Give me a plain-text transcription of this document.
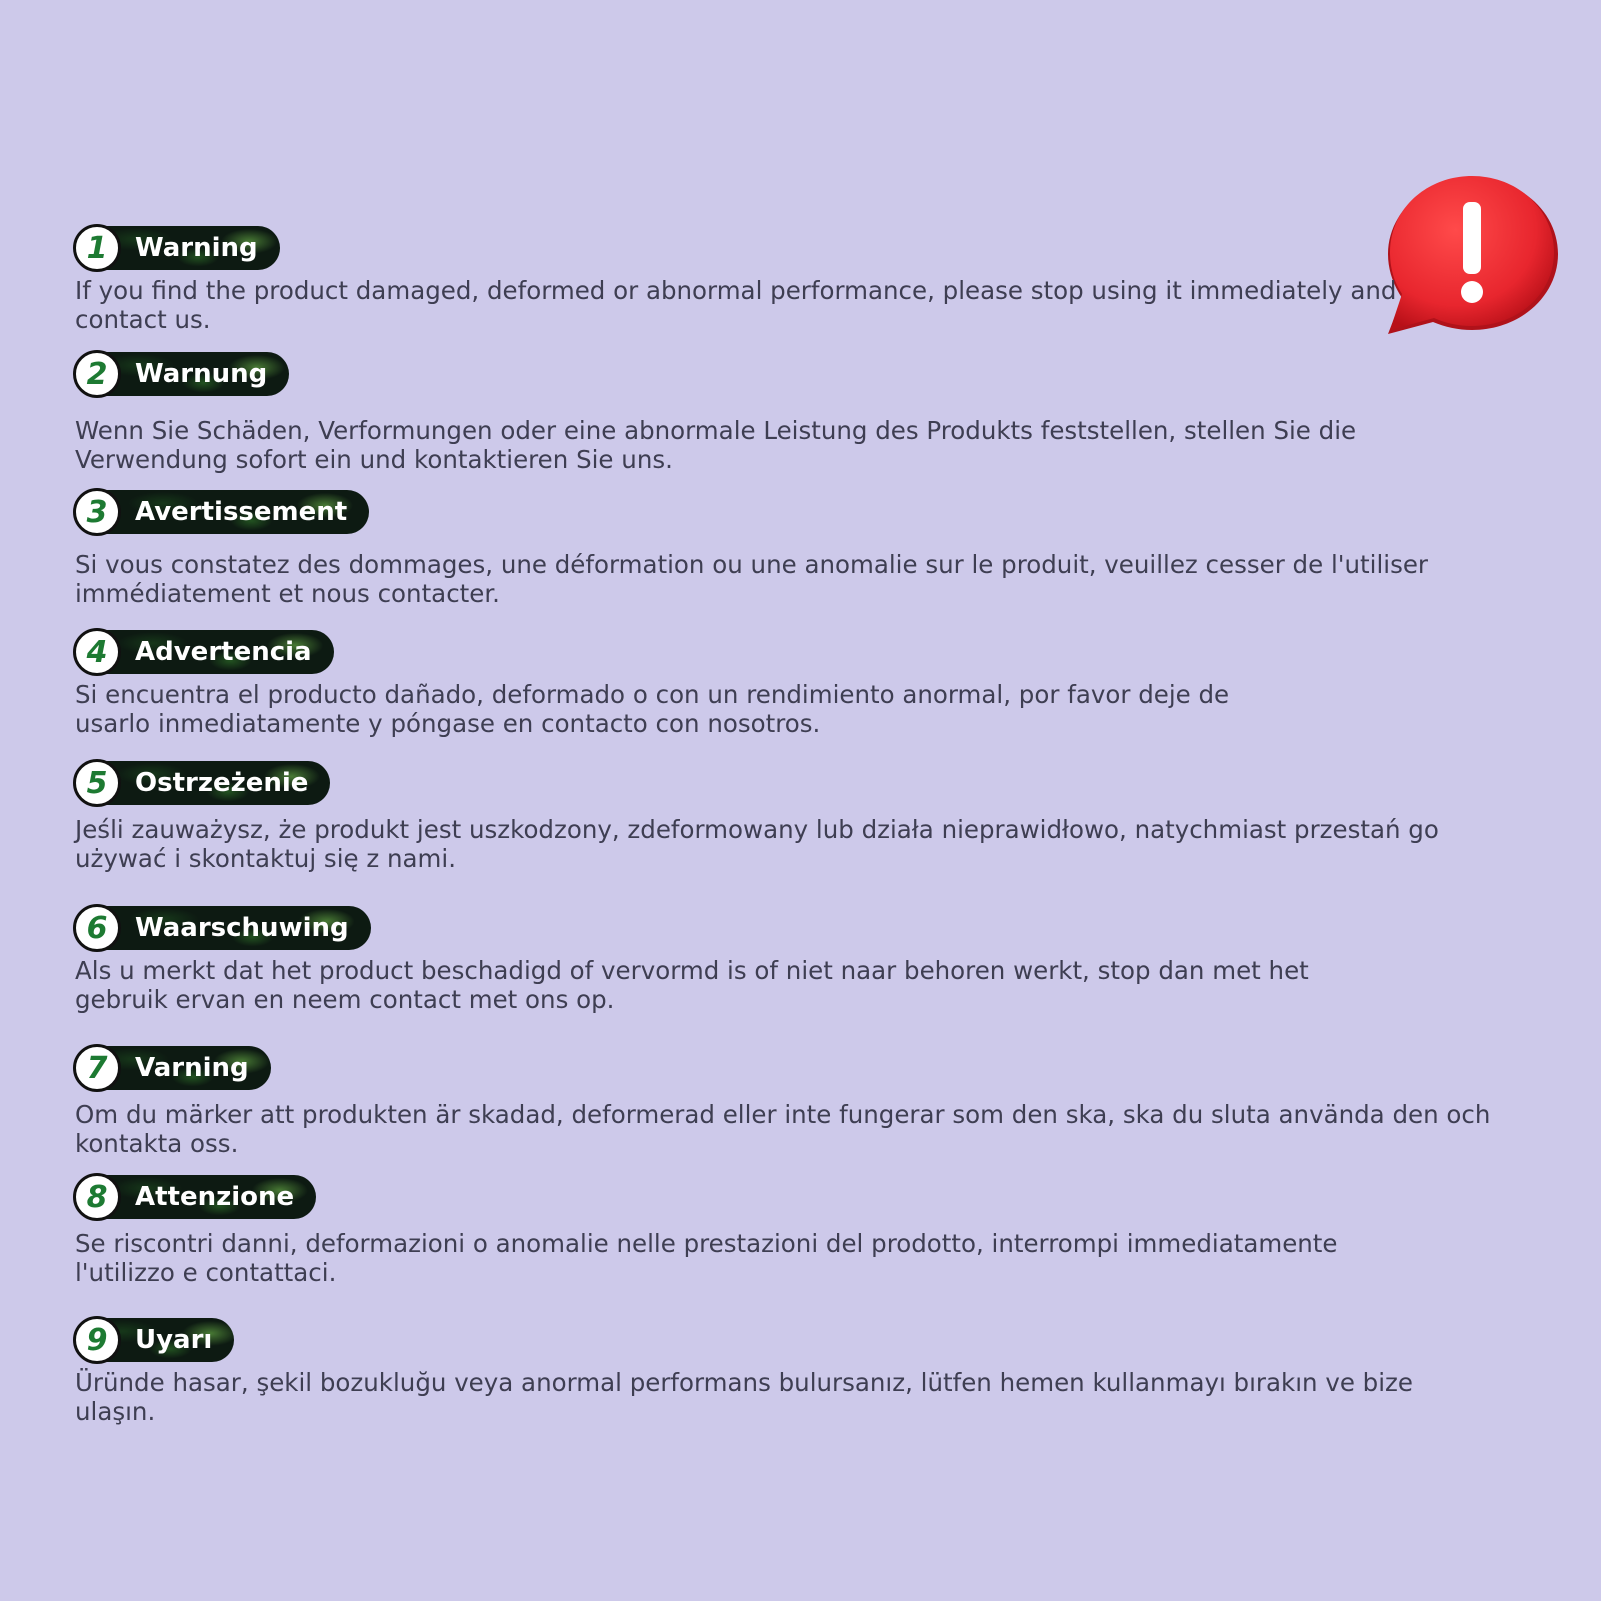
1	Warning

If you find the product damaged, deformed or abnormal performance, please stop using it immediately and contact us.

2	Warnung

Wenn Sie Schäden, Verformungen oder eine abnormale Leistung des Produkts feststellen, stellen Sie die Verwendung sofort ein und kontaktieren Sie uns.

3	Avertissement

Si vous constatez des dommages, une déformation ou une anomalie sur le produit, veuillez cesser de l'utiliser immédiatement et nous contacter.

4	Advertencia

Si encuentra el producto dañado, deformado o con un rendimiento anormal, por favor deje de usarlo inmediatamente y póngase en contacto con nosotros.

5	Ostrzeżenie

Jeśli zauważysz, że produkt jest uszkodzony, zdeformowany lub działa nieprawidłowo, natychmiast przestań go używać i skontaktuj się z nami.

6	Waarschuwing

Als u merkt dat het product beschadigd of vervormd is of niet naar behoren werkt, stop dan met het gebruik ervan en neem contact met ons op.

7	Varning

Om du märker att produkten är skadad, deformerad eller inte fungerar som den ska, ska du sluta använda den och kontakta oss.

8	Attenzione

Se riscontri danni, deformazioni o anomalie nelle prestazioni del prodotto, interrompi immediatamente l'utilizzo e contattaci.

9	Uyarı

Üründe hasar, şekil bozukluğu veya anormal performans bulursanız, lütfen hemen kullanmayı bırakın ve bize ulaşın.
